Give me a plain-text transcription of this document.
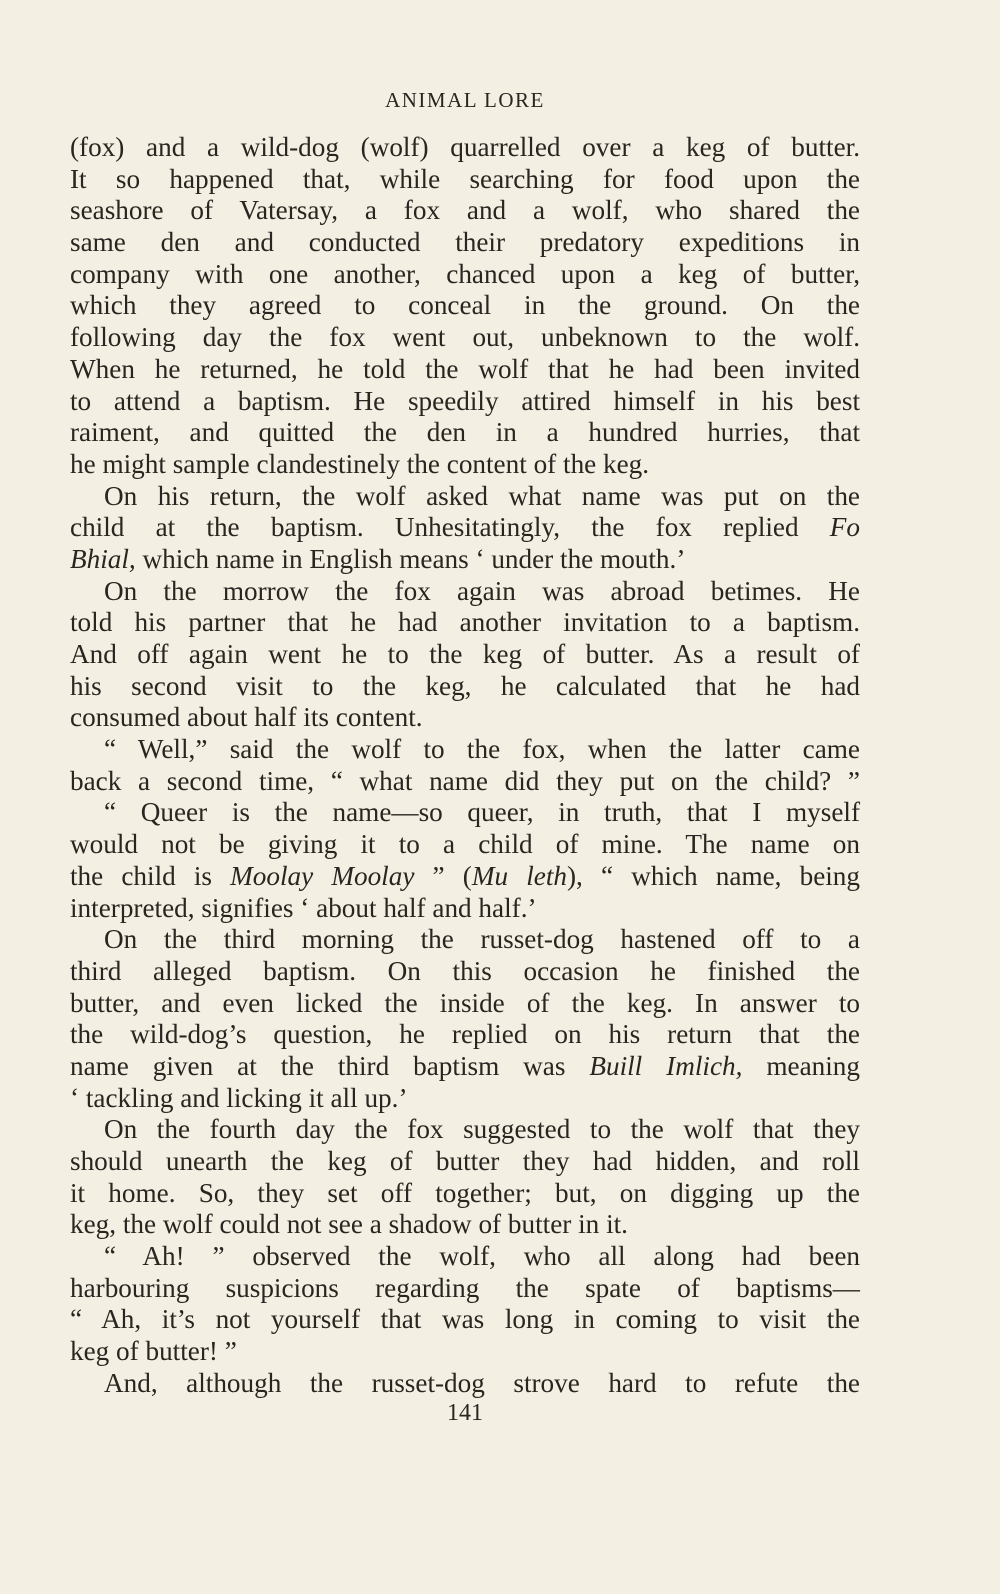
ANIMAL LORE
(fox) and a wild-dog (wolf) quarrelled over a keg of butter.
It so happened that, while searching for food upon the
seashore of Vatersay, a fox and a wolf, who shared the
same den and conducted their predatory expeditions in
company with one another, chanced upon a keg of butter,
which they agreed to conceal in the ground. On the
following day the fox went out, unbeknown to the wolf.
When he returned, he told the wolf that he had been invited
to attend a baptism. He speedily attired himself in his best
raiment, and quitted the den in a hundred hurries, that
he might sample clandestinely the content of the keg.
On his return, the wolf asked what name was put on the
child at the baptism. Unhesitatingly, the fox replied Fo
Bhial, which name in English means ‘ under the mouth.’
On the morrow the fox again was abroad betimes. He
told his partner that he had another invitation to a baptism.
And off again went he to the keg of butter. As a result of
his second visit to the keg, he calculated that he had
consumed about half its content.
“ Well,” said the wolf to the fox, when the latter came
back a second time, “ what name did they put on the child? ”
“ Queer is the name—so queer, in truth, that I myself
would not be giving it to a child of mine. The name on
the child is Moolay Moolay ” (Mu leth), “ which name, being
interpreted, signifies ‘ about half and half.’
On the third morning the russet-dog hastened off to a
third alleged baptism. On this occasion he finished the
butter, and even licked the inside of the keg. In answer to
the wild-dog’s question, he replied on his return that the
name given at the third baptism was Buill Imlich, meaning
‘ tackling and licking it all up.’
On the fourth day the fox suggested to the wolf that they
should unearth the keg of butter they had hidden, and roll
it home. So, they set off together; but, on digging up the
keg, the wolf could not see a shadow of butter in it.
“ Ah! ” observed the wolf, who all along had been
harbouring suspicions regarding the spate of baptisms—
“ Ah, it’s not yourself that was long in coming to visit the
keg of butter! ”
And, although the russet-dog strove hard to refute the
141
